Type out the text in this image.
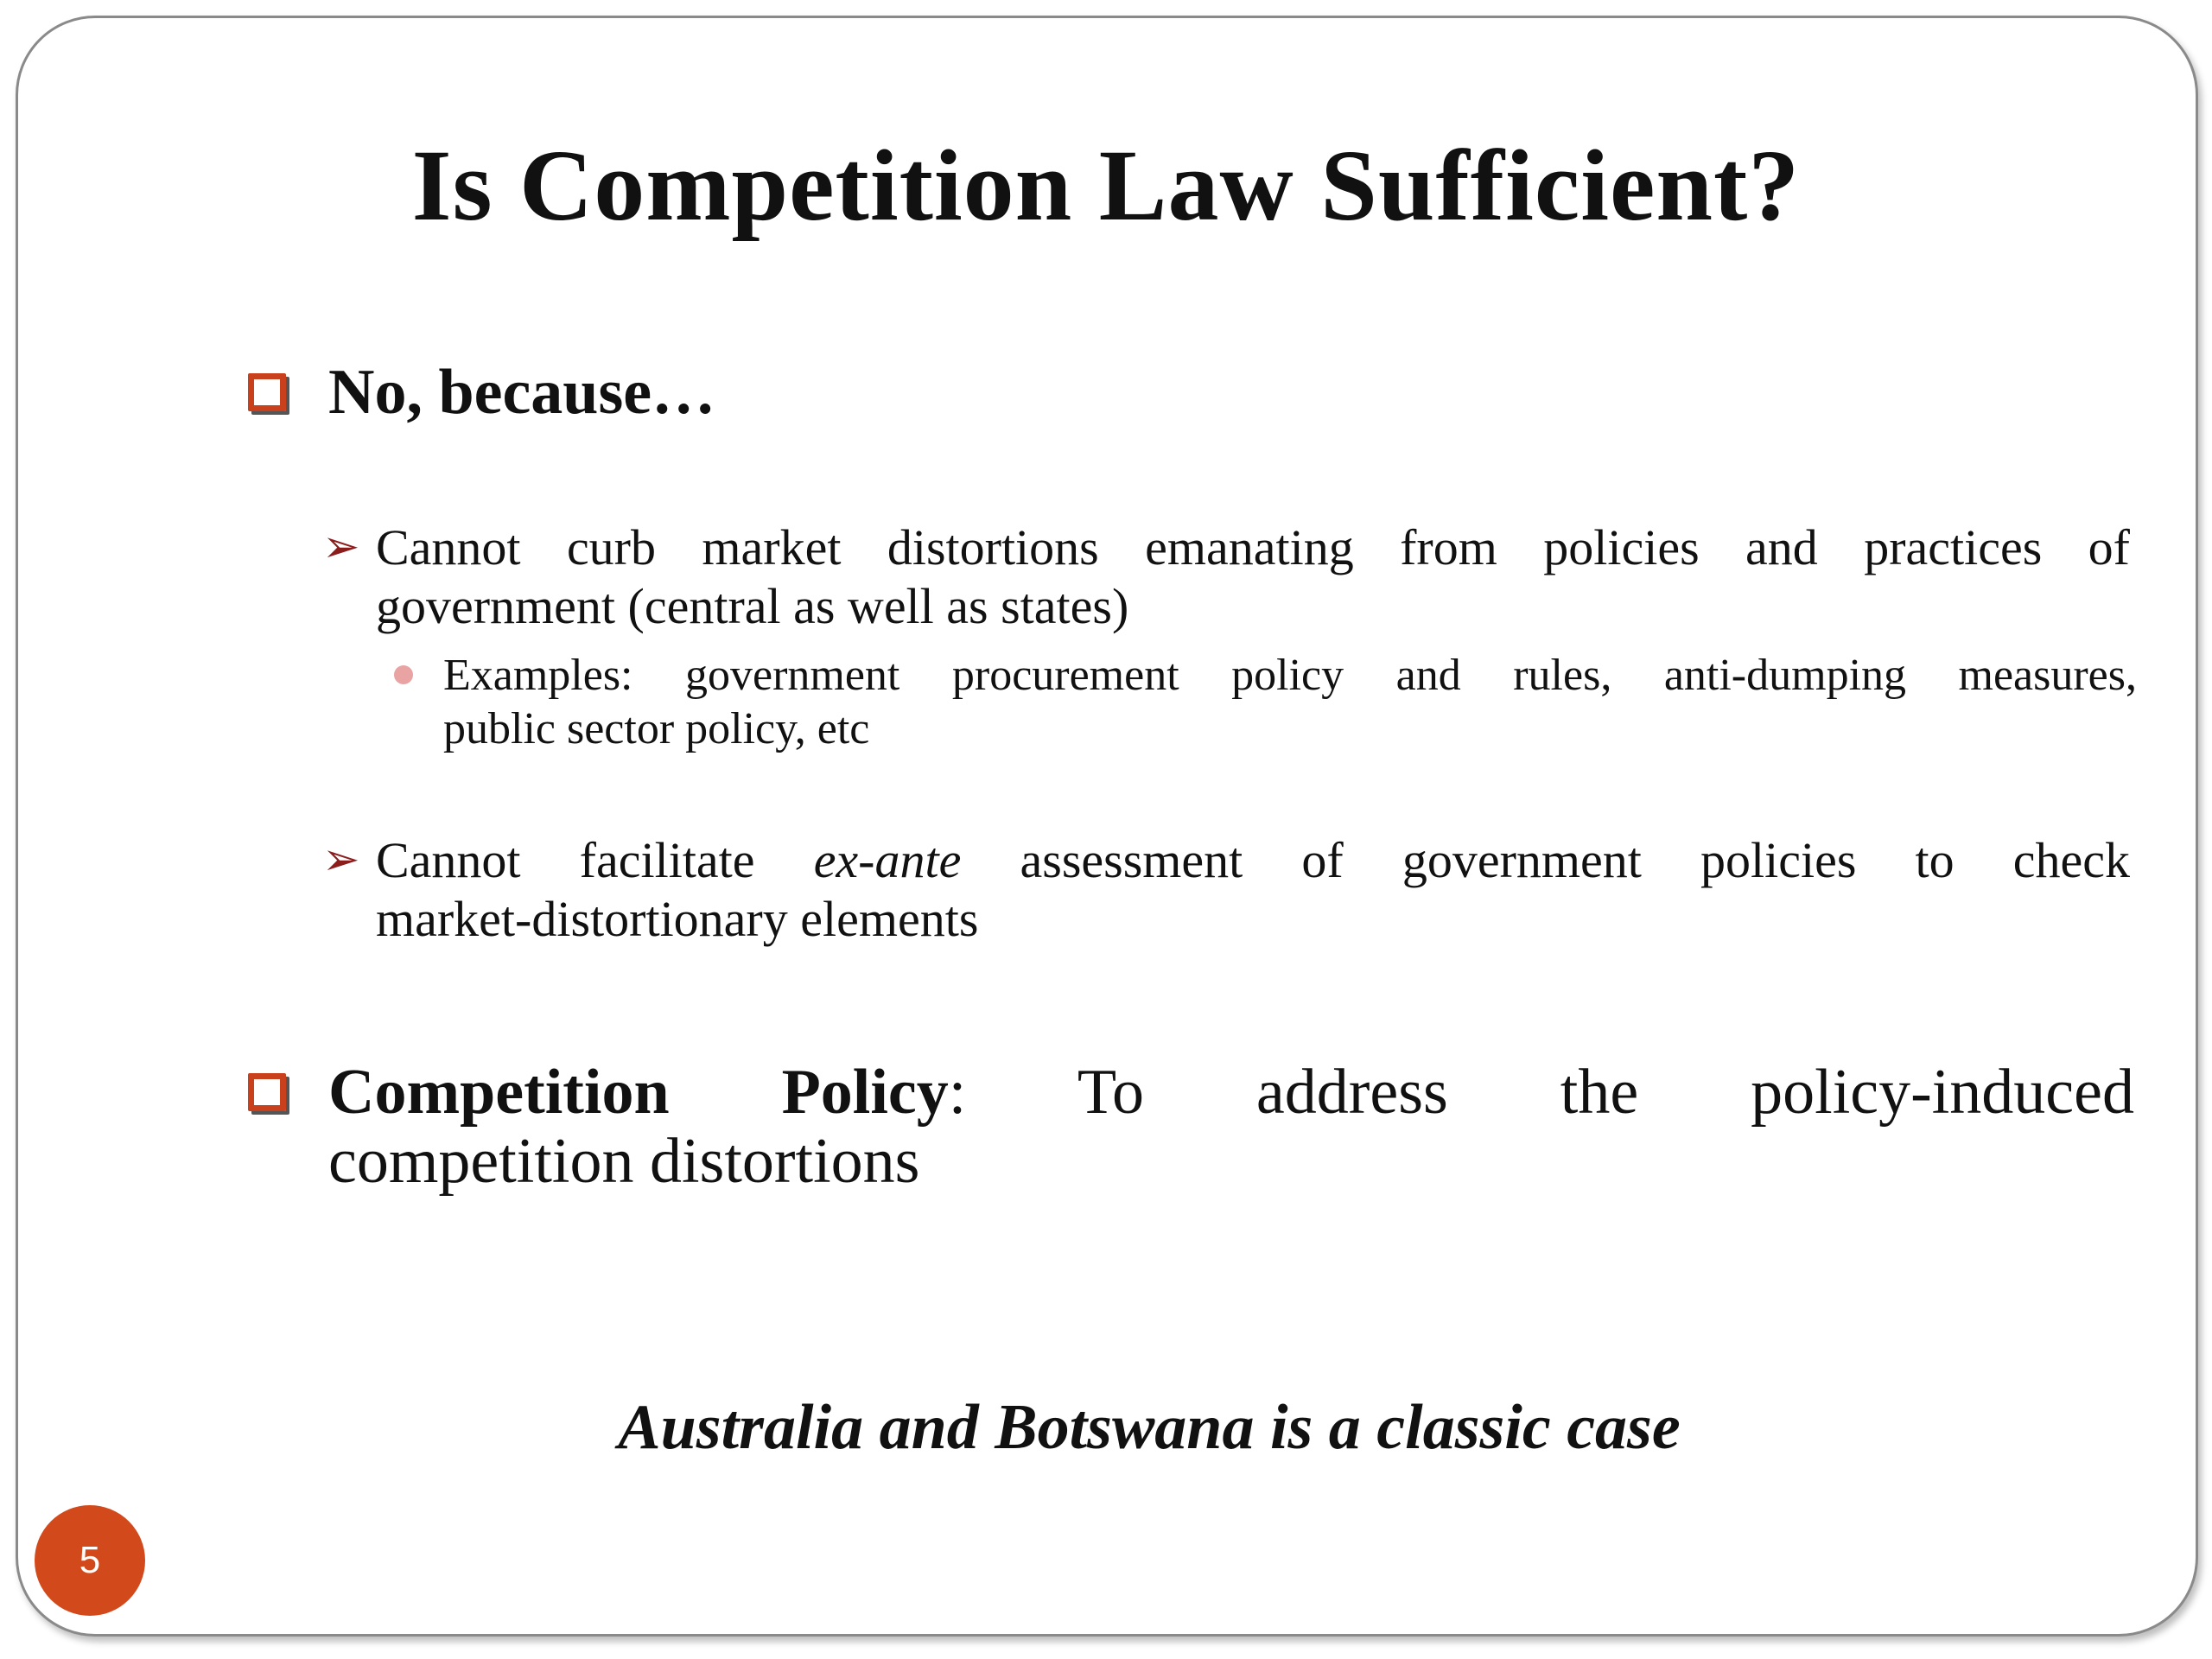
Is Competition Law Sufficient?
No, because…
➢ Cannot curb market distortions emanating from policies and practices of
government (central as well as states)
Examples: government procurement policy and rules, anti-dumping measures,
public sector policy, etc
➢ Cannot facilitate ex-ante assessment of government policies to check
market-distortionary elements
Competition Policy: To address the policy-induced
competition distortions
Australia and Botswana is a classic case
5
